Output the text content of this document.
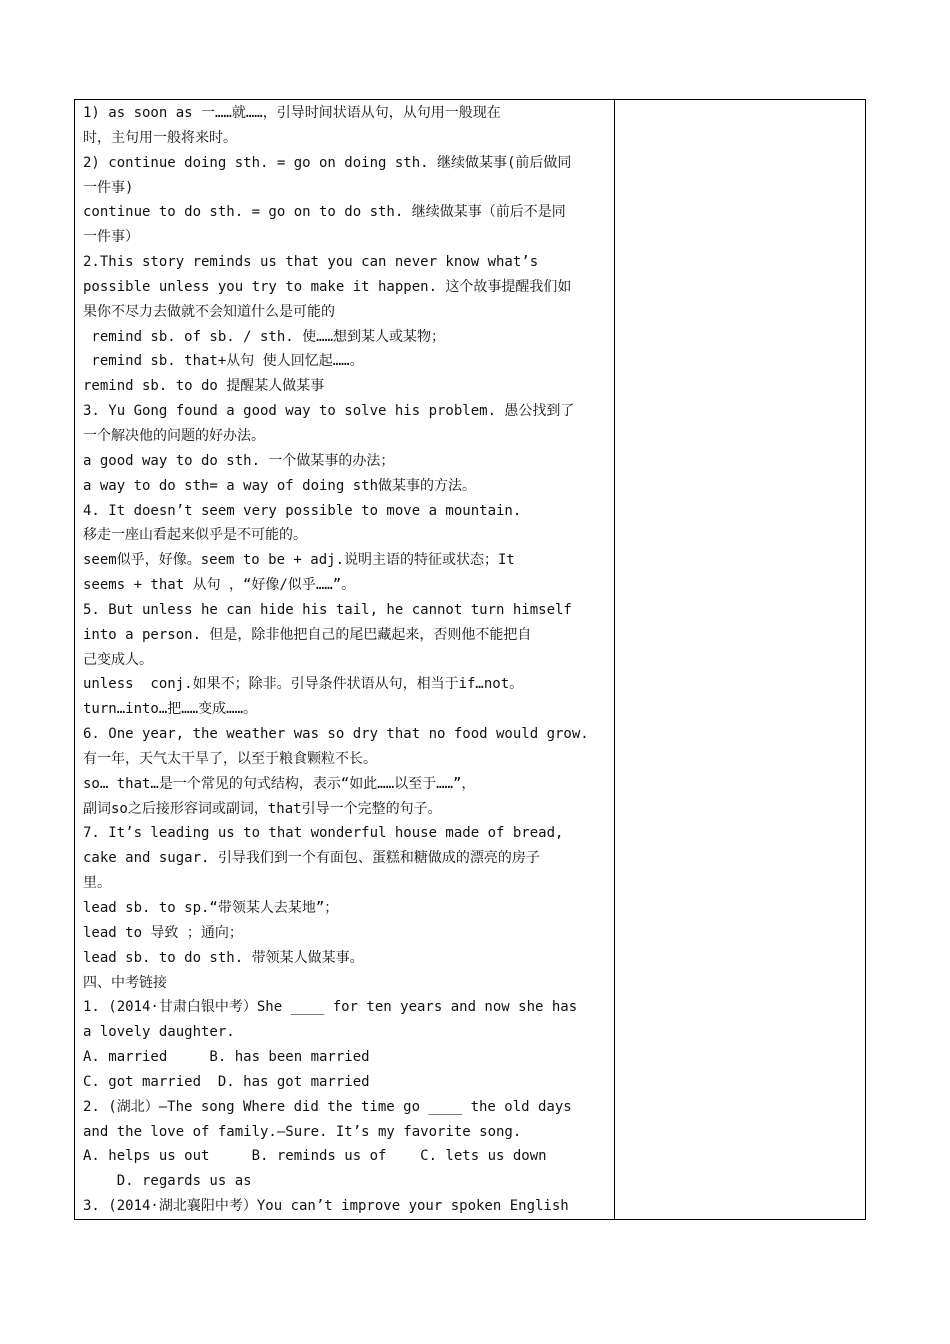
1) as soon as 一……就……，引导时间状语从句，从句用一般现在
时，主句用一般将来时。
2) continue doing sth. = go on doing sth. 继续做某事(前后做同
一件事)
continue to do sth. = go on to do sth. 继续做某事（前后不是同
一件事）
2.This story reminds us that you can never know what’s
possible unless you try to make it happen. 这个故事提醒我们如
果你不尽力去做就不会知道什么是可能的
remind sb. of sb. / sth. 使……想到某人或某物；
remind sb. that+从句 使人回忆起……。
remind sb. to do 提醒某人做某事
3. Yu Gong found a good way to solve his problem. 愚公找到了
一个解决他的问题的好办法。
a good way to do sth. 一个做某事的办法；
a way to do sth= a way of doing sth做某事的方法。
4. It doesn’t seem very possible to move a mountain.
移走一座山看起来似乎是不可能的。
seem似乎，好像。seem to be + adj.说明主语的特征或状态；It
seems + that 从句 ，“好像/似乎……”。
5. But unless he can hide his tail, he cannot turn himself
into a person. 但是，除非他把自己的尾巴藏起来，否则他不能把自
己变成人。
unless  conj.如果不；除非。引导条件状语从句，相当于if…not。
turn…into…把……变成……。
6. One year, the weather was so dry that no food would grow.
有一年，天气太干旱了，以至于粮食颗粒不长。
so… that…是一个常见的句式结构，表示“如此……以至于……”，
副词so之后接形容词或副词，that引导一个完整的句子。
7. It’s leading us to that wonderful house made of bread,
cake and sugar. 引导我们到一个有面包、蛋糕和糖做成的漂亮的房子
里。
lead sb. to sp.“带领某人去某地”；
lead to 导致 ；通向；
lead sb. to do sth. 带领某人做某事。
四、中考链接
1. (2014·甘肃白银中考）She ____ for ten years and now she has
a lovely daughter.
A. married     B. has been married
C. got married  D. has got married
2. (湖北）—The song Where did the time go ____ the old days
and the love of family.—Sure. It’s my favorite song.
A. helps us out     B. reminds us of    C. lets us down
D. regards us as
3. (2014·湖北襄阳中考）You can’t improve your spoken English
